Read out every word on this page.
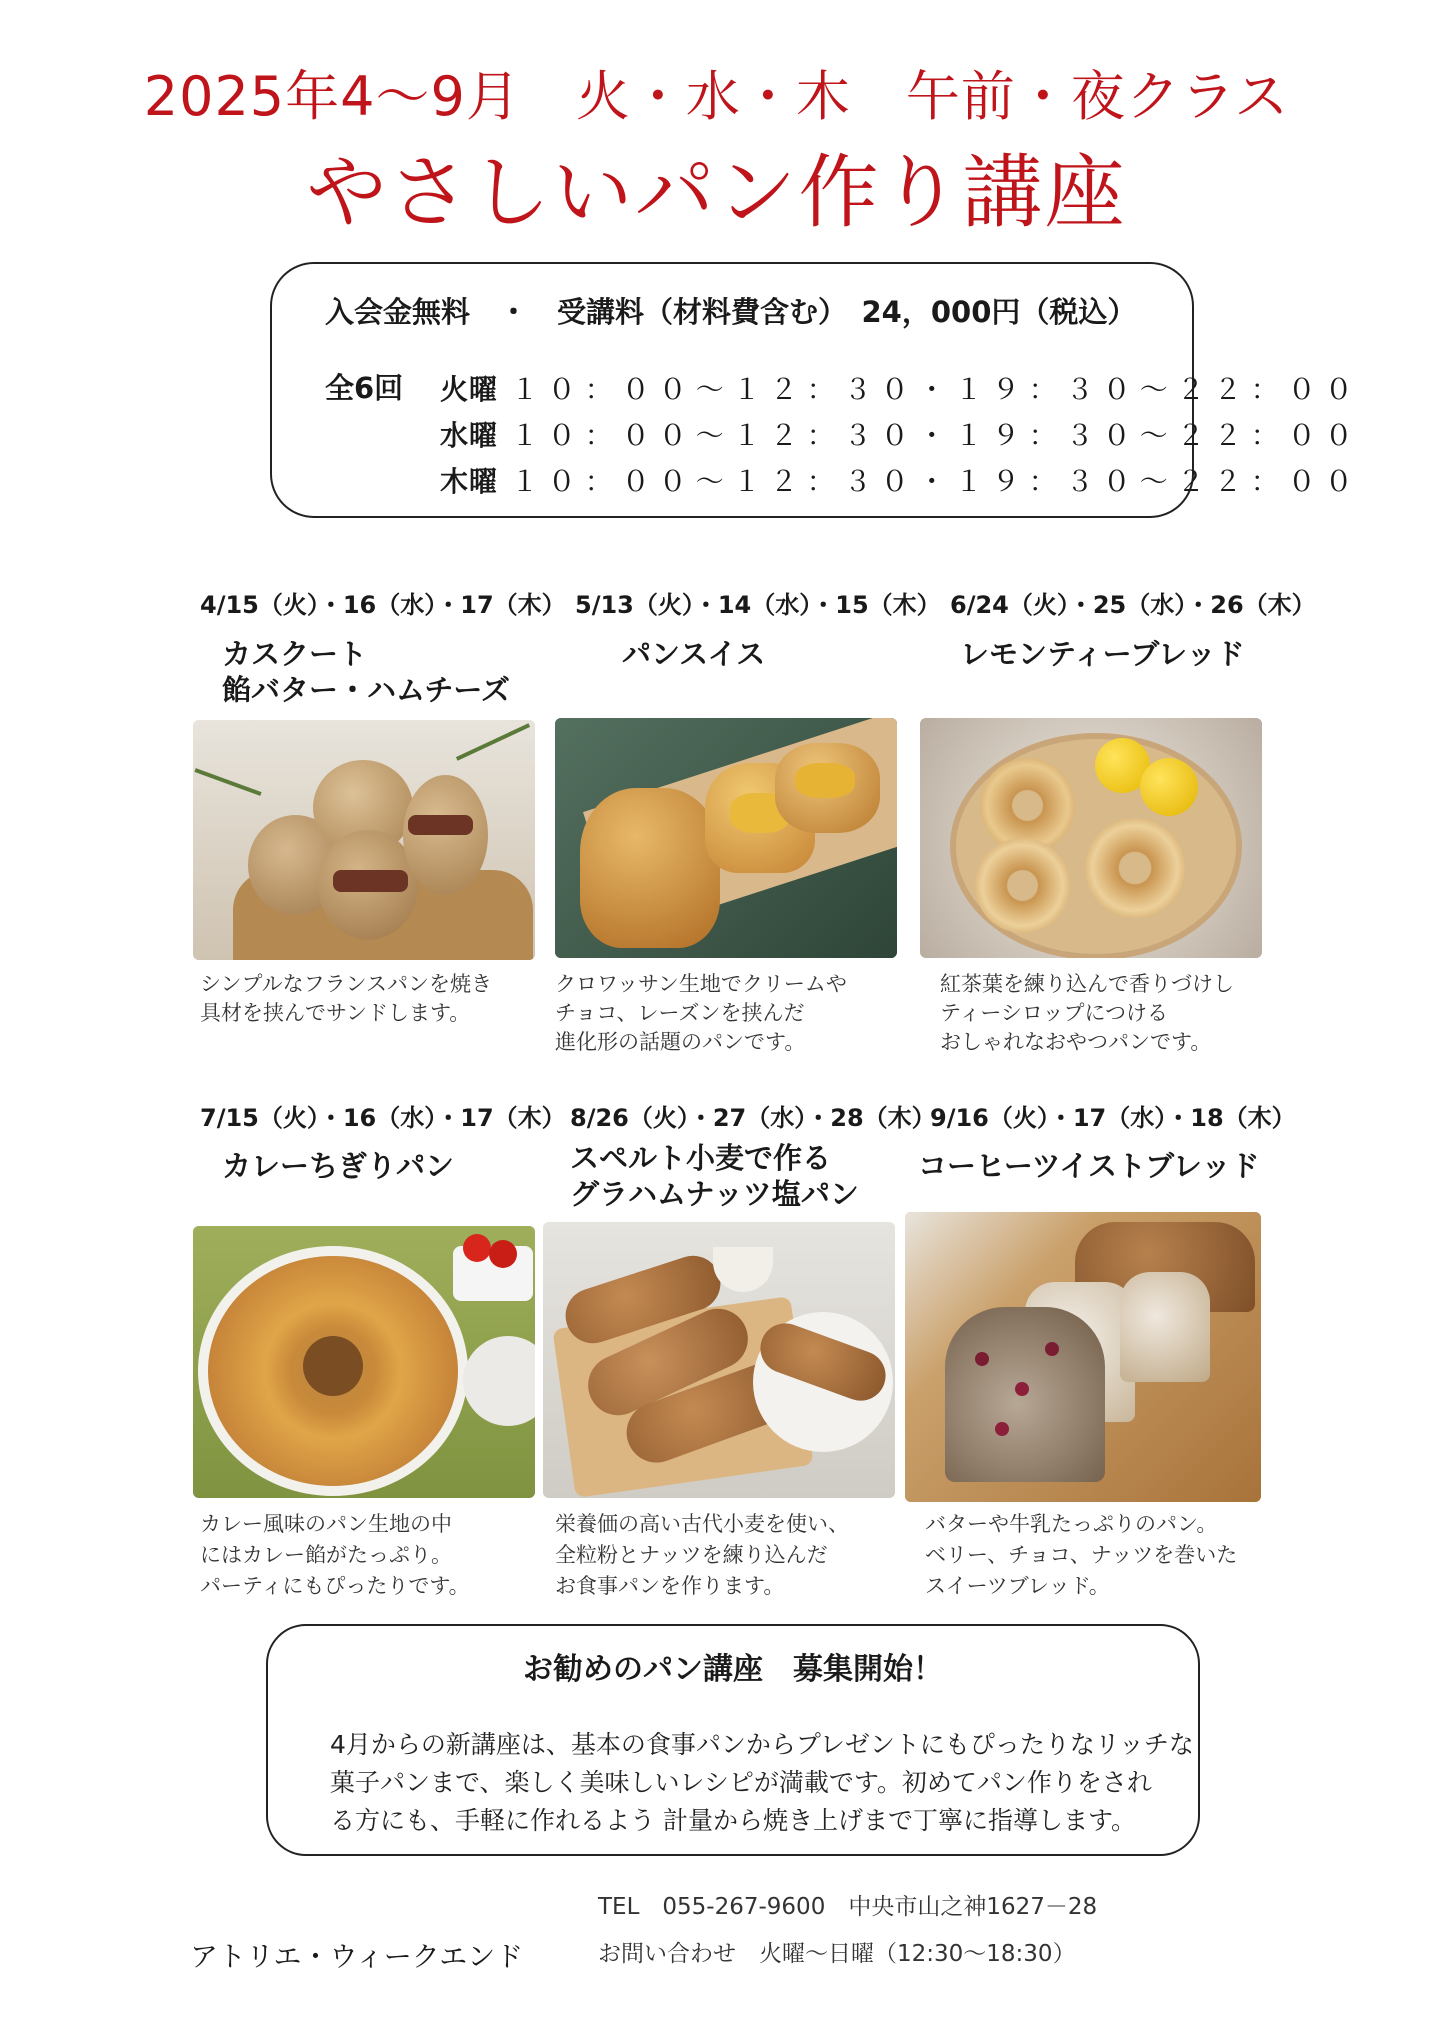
2025年4～9月　火・水・木　午前・夜クラス
やさしいパン作り講座
入会金無料　・　受講料（材料費含む）　24，000円（税込）
全6回 火曜 １０：００～１２：３０・１９：３０～２２：００
水曜 １０：００～１２：３０・１９：３０～２２：００
木曜 １０：００～１２：３０・１９：３０～２２：００
4/15（火）・16（水）・17（木）
カスクート
餡バター・ハムチーズ
シンプルなフランスパンを焼き
具材を挟んでサンドします。
5/13（火）・14（水）・15（木）
パンスイス
クロワッサン生地でクリームや
チョコ、レーズンを挟んだ
進化形の話題のパンです。
6/24（火）・25（水）・26（木）
レモンティーブレッド
紅茶葉を練り込んで香りづけし
ティーシロップにつける
おしゃれなおやつパンです。
7/15（火）・16（水）・17（木）
カレーちぎりパン
カレー風味のパン生地の中
にはカレー餡がたっぷり。
パーティにもぴったりです。
8/26（火）・27（水）・28（木）
スペルト小麦で作る
グラハムナッツ塩パン
栄養価の高い古代小麦を使い、
全粒粉とナッツを練り込んだ
お食事パンを作ります。
9/16（火）・17（水）・18（木）
コーヒーツイストブレッド
バターや牛乳たっぷりのパン。
ベリー、チョコ、ナッツを巻いた
スイーツブレッド。
お勧めのパン講座　募集開始！
4月からの新講座は、基本の食事パンからプレゼントにもぴったりなリッチな
菓子パンまで、楽しく美味しいレシピが満載です。初めてパン作りをされ
る方にも、手軽に作れるよう 計量から焼き上げまで丁寧に指導します。
TEL　055-267-9600　中央市山之神1627－28
お問い合わせ　火曜～日曜（12:30～18:30）
アトリエ・ウィークエンド
